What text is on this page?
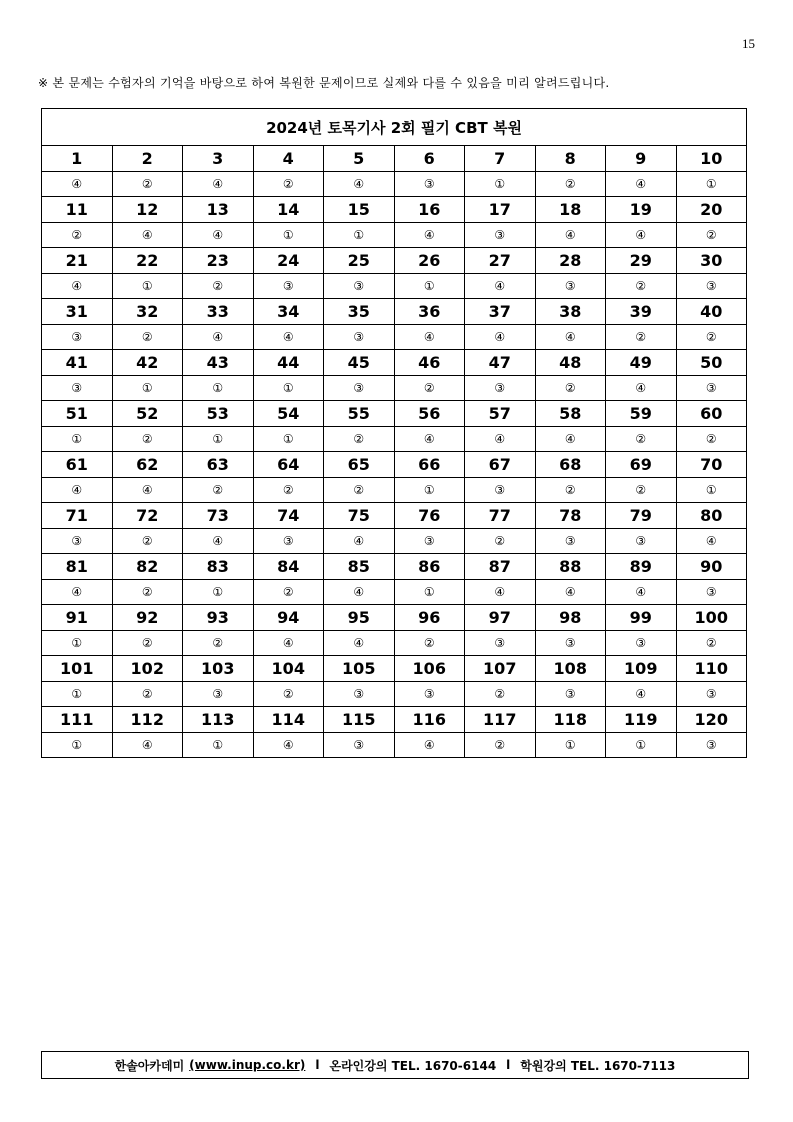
15
※ 본 문제는 수험자의 기억을 바탕으로 하여 복원한 문제이므로 실제와 다를 수 있음을 미리 알려드립니다.
2024년 토목기사 2회 필기 CBT 복원									
1	2	3	4	5	6	7	8	9	10
④	②	④	②	④	③	①	②	④	①
11	12	13	14	15	16	17	18	19	20
②	④	④	①	①	④	③	④	④	②
21	22	23	24	25	26	27	28	29	30
④	①	②	③	③	①	④	③	②	③
31	32	33	34	35	36	37	38	39	40
③	②	④	④	③	④	④	④	②	②
41	42	43	44	45	46	47	48	49	50
③	①	①	①	③	②	③	②	④	③
51	52	53	54	55	56	57	58	59	60
①	②	①	①	②	④	④	④	②	②
61	62	63	64	65	66	67	68	69	70
④	④	②	②	②	①	③	②	②	①
71	72	73	74	75	76	77	78	79	80
③	②	④	③	④	③	②	③	③	④
81	82	83	84	85	86	87	88	89	90
④	②	①	②	④	①	④	④	④	③
91	92	93	94	95	96	97	98	99	100
①	②	②	④	④	②	③	③	③	②
101	102	103	104	105	106	107	108	109	110
①	②	③	②	③	③	②	③	④	③
111	112	113	114	115	116	117	118	119	120
①	④	①	④	③	④	②	①	①	③
한솔아카데미 (www.inup.co.kr) l 온라인강의 TEL. 1670-6144 l 학원강의 TEL. 1670-7113
